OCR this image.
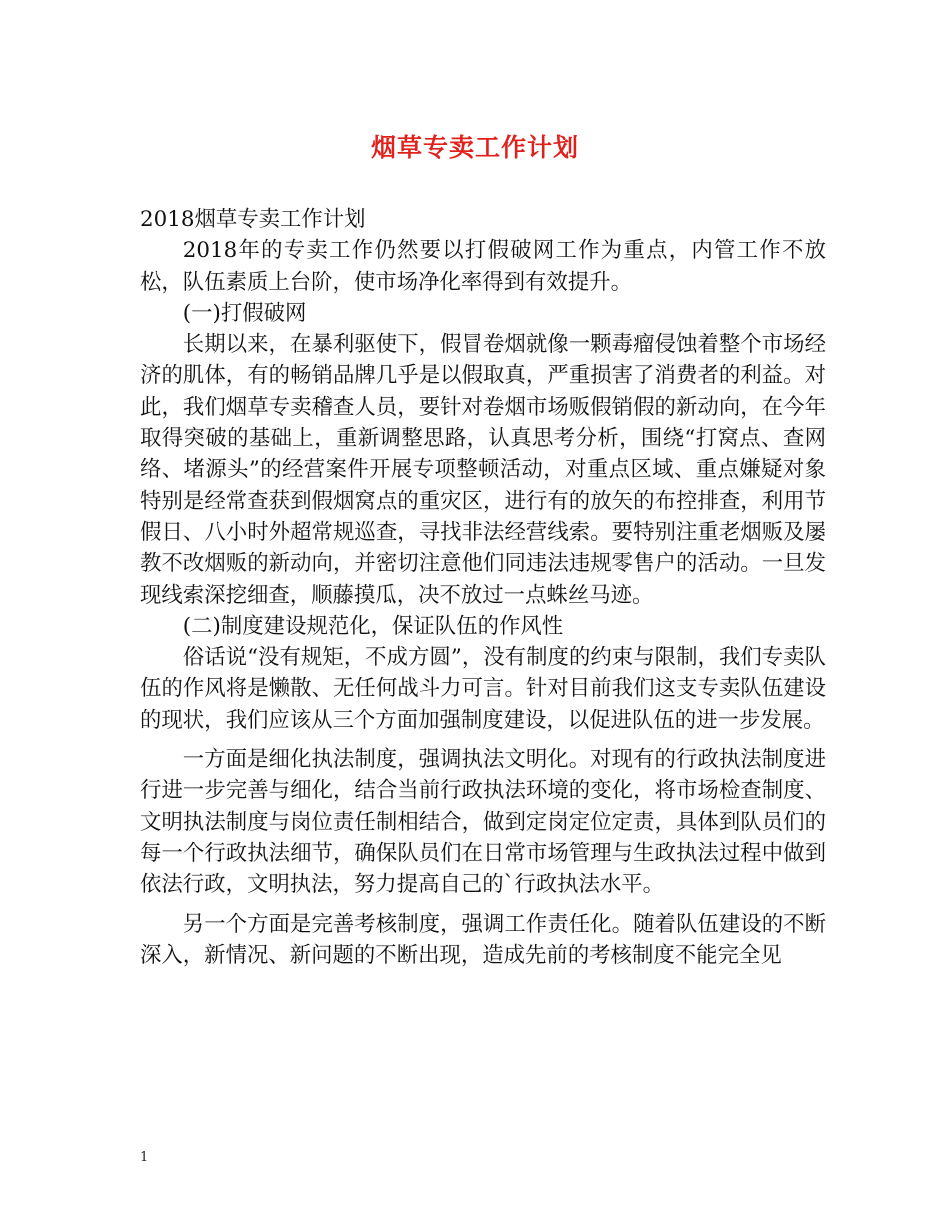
烟草专卖工作计划

2018烟草专卖工作计划

2018年的专卖工作仍然要以打假破网工作为重点，内管工作不放松，队伍素质上台阶，使市场净化率得到有效提升。

(一)打假破网

长期以来，在暴利驱使下，假冒卷烟就像一颗毒瘤侵蚀着整个市场经济的肌体，有的畅销品牌几乎是以假取真，严重损害了消费者的利益。对此，我们烟草专卖稽查人员，要针对卷烟市场贩假销假的新动向，在今年取得突破的基础上，重新调整思路，认真思考分析，围绕“打窝点、查网络、堵源头”的经营案件开展专项整顿活动，对重点区域、重点嫌疑对象特别是经常查获到假烟窝点的重灾区，进行有的放矢的布控排查，利用节假日、八小时外超常规巡查，寻找非法经营线索。要特别注重老烟贩及屡教不改烟贩的新动向，并密切注意他们同违法违规零售户的活动。一旦发现线索深挖细查，顺藤摸瓜，决不放过一点蛛丝马迹。

(二)制度建设规范化，保证队伍的作风性

俗话说“没有规矩，不成方圆”，没有制度的约束与限制，我们专卖队伍的作风将是懒散、无任何战斗力可言。针对目前我们这支专卖队伍建设的现状，我们应该从三个方面加强制度建设，以促进队伍的进一步发展。

一方面是细化执法制度，强调执法文明化。对现有的行政执法制度进行进一步完善与细化，结合当前行政执法环境的变化，将市场检查制度、文明执法制度与岗位责任制相结合，做到定岗定位定责，具体到队员们的每一个行政执法细节，确保队员们在日常市场管理与生政执法过程中做到依法行政，文明执法，努力提高自己的`行政执法水平。

另一个方面是完善考核制度，强调工作责任化。随着队伍建设的不断深入，新情况、新问题的不断出现，造成先前的考核制度不能完全见

1
